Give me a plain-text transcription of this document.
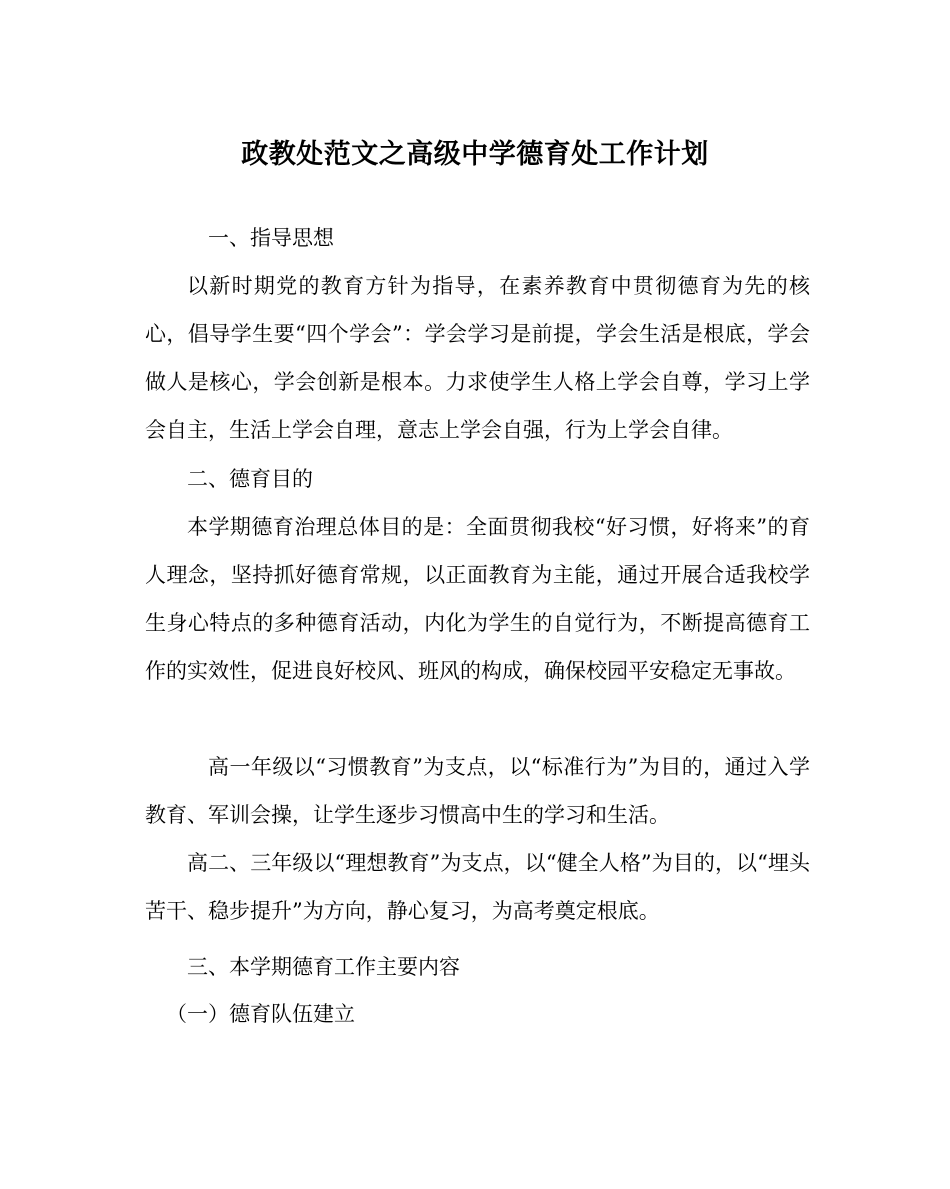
政教处范文之高级中学德育处工作计划
一、指导思想

以新时期党的教育方针为指导，在素养教育中贯彻德育为先的核心，倡导学生要“四个学会”：学会学习是前提，学会生活是根底，学会做人是核心，学会创新是根本。力求使学生人格上学会自尊，学习上学会自主，生活上学会自理，意志上学会自强，行为上学会自律。

二、德育目的

本学期德育治理总体目的是：全面贯彻我校“好习惯，好将来”的育人理念，坚持抓好德育常规，以正面教育为主能，通过开展合适我校学生身心特点的多种德育活动，内化为学生的自觉行为，不断提高德育工作的实效性，促进良好校风、班风的构成，确保校园平安稳定无事故。

高一年级以“习惯教育”为支点，以“标准行为”为目的，通过入学教育、军训会操，让学生逐步习惯高中生的学习和生活。

高二、三年级以“理想教育”为支点，以“健全人格”为目的，以“埋头苦干、稳步提升”为方向，静心复习，为高考奠定根底。

三、本学期德育工作主要内容
（一）德育队伍建立
